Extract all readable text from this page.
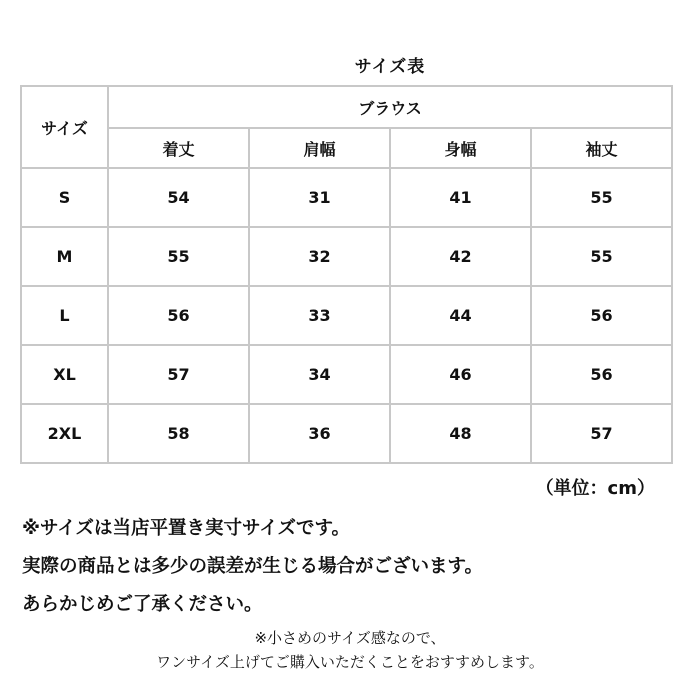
サイズ表
サイズ	ブラウス			
	着丈	肩幅	身幅	袖丈
S	54	31	41	55
M	55	32	42	55
L	56	33	44	56
XL	57	34	46	56
2XL	58	36	48	57
（単位：cm）
※サイズは当店平置き実寸サイズです。
実際の商品とは多少の誤差が生じる場合がございます。
あらかじめご了承ください。
※小さめのサイズ感なので、
ワンサイズ上げてご購入いただくことをおすすめします。
